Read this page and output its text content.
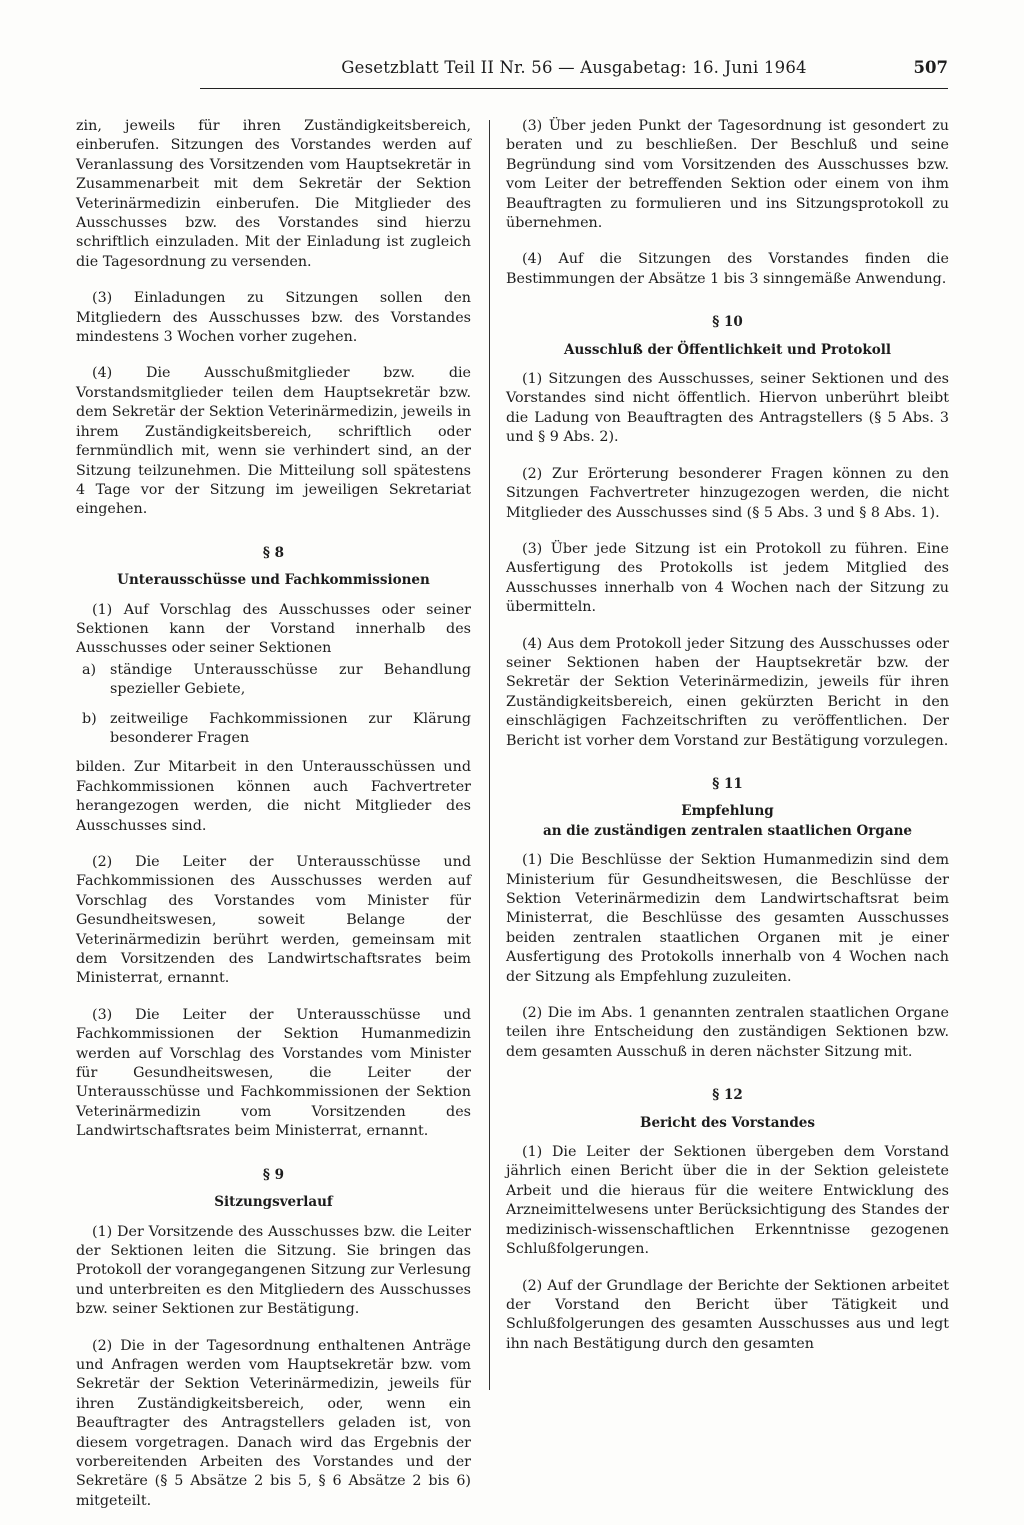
Gesetzblatt Teil II Nr. 56 — Ausgabetag: 16. Juni 1964	507

zin, jeweils für ihren Zuständigkeitsbereich, einberufen. Sitzungen des Vorstandes werden auf Veranlassung des Vorsitzenden vom Hauptsekretär in Zusammenarbeit mit dem Sekretär der Sektion Veterinärmedizin einberufen. Die Mitglieder des Ausschusses bzw. des Vorstandes sind hierzu schriftlich einzuladen. Mit der Einladung ist zugleich die Tagesordnung zu versenden.

(3) Einladungen zu Sitzungen sollen den Mitgliedern des Ausschusses bzw. des Vorstandes mindestens 3 Wochen vorher zugehen.

(4) Die Ausschußmitglieder bzw. die Vorstandsmitglieder teilen dem Hauptsekretär bzw. dem Sekretär der Sektion Veterinärmedizin, jeweils in ihrem Zuständigkeitsbereich, schriftlich oder fernmündlich mit, wenn sie verhindert sind, an der Sitzung teilzunehmen. Die Mitteilung soll spätestens 4 Tage vor der Sitzung im jeweiligen Sekretariat eingehen.

§ 8
Unterausschüsse und Fachkommissionen

(1) Auf Vorschlag des Ausschusses oder seiner Sektionen kann der Vorstand innerhalb des Ausschusses oder seiner Sektionen

a) ständige Unterausschüsse zur Behandlung spezieller Gebiete,
b) zeitweilige Fachkommissionen zur Klärung besonderer Fragen

bilden. Zur Mitarbeit in den Unterausschüssen und Fachkommissionen können auch Fachvertreter herangezogen werden, die nicht Mitglieder des Ausschusses sind.

(2) Die Leiter der Unterausschüsse und Fachkommissionen des Ausschusses werden auf Vorschlag des Vorstandes vom Minister für Gesundheitswesen, soweit Belange der Veterinärmedizin berührt werden, gemeinsam mit dem Vorsitzenden des Landwirtschaftsrates beim Ministerrat, ernannt.

(3) Die Leiter der Unterausschüsse und Fachkommissionen der Sektion Humanmedizin werden auf Vorschlag des Vorstandes vom Minister für Gesundheitswesen, die Leiter der Unterausschüsse und Fachkommissionen der Sektion Veterinärmedizin vom Vorsitzenden des Landwirtschaftsrates beim Ministerrat, ernannt.

§ 9
Sitzungsverlauf

(1) Der Vorsitzende des Ausschusses bzw. die Leiter der Sektionen leiten die Sitzung. Sie bringen das Protokoll der vorangegangenen Sitzung zur Verlesung und unterbreiten es den Mitgliedern des Ausschusses bzw. seiner Sektionen zur Bestätigung.

(2) Die in der Tagesordnung enthaltenen Anträge und Anfragen werden vom Hauptsekretär bzw. vom Sekretär der Sektion Veterinärmedizin, jeweils für ihren Zuständigkeitsbereich, oder, wenn ein Beauftragter des Antragstellers geladen ist, von diesem vorgetragen. Danach wird das Ergebnis der vorbereitenden Arbeiten des Vorstandes und der Sekretäre (§ 5 Absätze 2 bis 5, § 6 Absätze 2 bis 6) mitgeteilt.

(3) Über jeden Punkt der Tagesordnung ist gesondert zu beraten und zu beschließen. Der Beschluß und seine Begründung sind vom Vorsitzenden des Ausschusses bzw. vom Leiter der betreffenden Sektion oder einem von ihm Beauftragten zu formulieren und ins Sitzungsprotokoll zu übernehmen.

(4) Auf die Sitzungen des Vorstandes finden die Bestimmungen der Absätze 1 bis 3 sinngemäße Anwendung.

§ 10
Ausschluß der Öffentlichkeit und Protokoll

(1) Sitzungen des Ausschusses, seiner Sektionen und des Vorstandes sind nicht öffentlich. Hiervon unberührt bleibt die Ladung von Beauftragten des Antragstellers (§ 5 Abs. 3 und § 9 Abs. 2).

(2) Zur Erörterung besonderer Fragen können zu den Sitzungen Fachvertreter hinzugezogen werden, die nicht Mitglieder des Ausschusses sind (§ 5 Abs. 3 und § 8 Abs. 1).

(3) Über jede Sitzung ist ein Protokoll zu führen. Eine Ausfertigung des Protokolls ist jedem Mitglied des Ausschusses innerhalb von 4 Wochen nach der Sitzung zu übermitteln.

(4) Aus dem Protokoll jeder Sitzung des Ausschusses oder seiner Sektionen haben der Hauptsekretär bzw. der Sekretär der Sektion Veterinärmedizin, jeweils für ihren Zuständigkeitsbereich, einen gekürzten Bericht in den einschlägigen Fachzeitschriften zu veröffentlichen. Der Bericht ist vorher dem Vorstand zur Bestätigung vorzulegen.

§ 11
Empfehlung
an die zuständigen zentralen staatlichen Organe

(1) Die Beschlüsse der Sektion Humanmedizin sind dem Ministerium für Gesundheitswesen, die Beschlüsse der Sektion Veterinärmedizin dem Landwirtschaftsrat beim Ministerrat, die Beschlüsse des gesamten Ausschusses beiden zentralen staatlichen Organen mit je einer Ausfertigung des Protokolls innerhalb von 4 Wochen nach der Sitzung als Empfehlung zuzuleiten.

(2) Die im Abs. 1 genannten zentralen staatlichen Organe teilen ihre Entscheidung den zuständigen Sektionen bzw. dem gesamten Ausschuß in deren nächster Sitzung mit.

§ 12
Bericht des Vorstandes

(1) Die Leiter der Sektionen übergeben dem Vorstand jährlich einen Bericht über die in der Sektion geleistete Arbeit und die hieraus für die weitere Entwicklung des Arzneimittelwesens unter Berücksichtigung des Standes der medizinisch-wissenschaftlichen Erkenntnisse gezogenen Schlußfolgerungen.

(2) Auf der Grundlage der Berichte der Sektionen arbeitet der Vorstand den Bericht über Tätigkeit und Schlußfolgerungen des gesamten Ausschusses aus und legt ihn nach Bestätigung durch den gesamten
